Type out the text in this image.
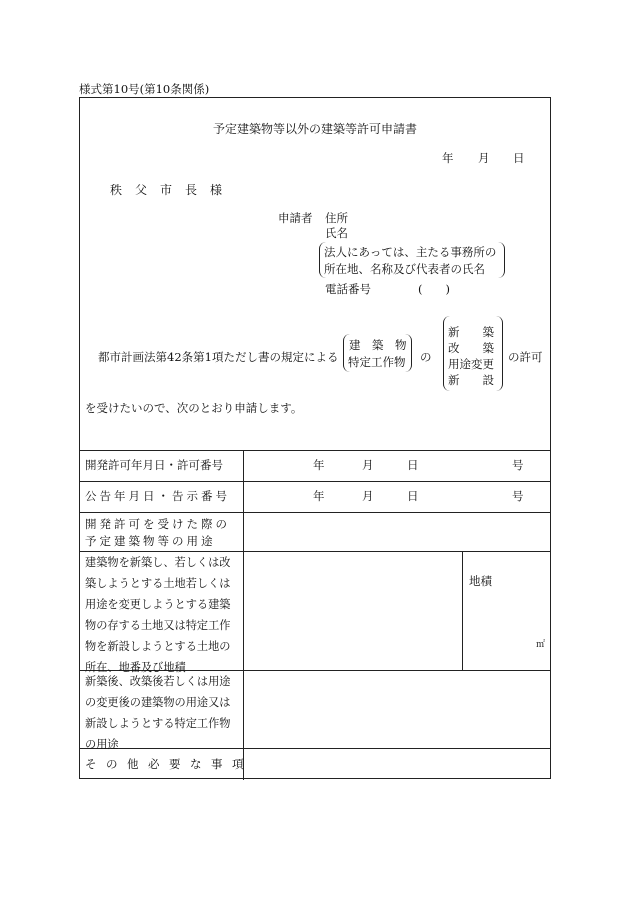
様式第10号(第10条関係)
予定建築物等以外の建築等許可申請書
年 月 日
秩父市長様
申請者 住所
氏名
法人にあっては、主たる事務所の
所在地、名称及び代表者の氏名
電話番号	(　　)
都市計画法第42条第1項ただし書の規定による
建　築　物
特定工作物 の
新　　築
改　　築
用途変更
新　　設
の許可
を受けたいので、次のとおり申請します。
開発許可年月日・許可番号	年	月	日	号
公告年月日・告示番号	年	月	日	号
開発許可を受けた際の
予定建築物等の用途
建築物を新築し、若しくは改
築しようとする土地若しくは
用途を変更しようとする建築
物の存する土地又は特定工作
物を新設しようとする土地の
所在、地番及び地積
地積
㎡
新築後、改築後若しくは用途
の変更後の建築物の用途又は
新設しようとする特定工作物
の用途
その他必要な事項
